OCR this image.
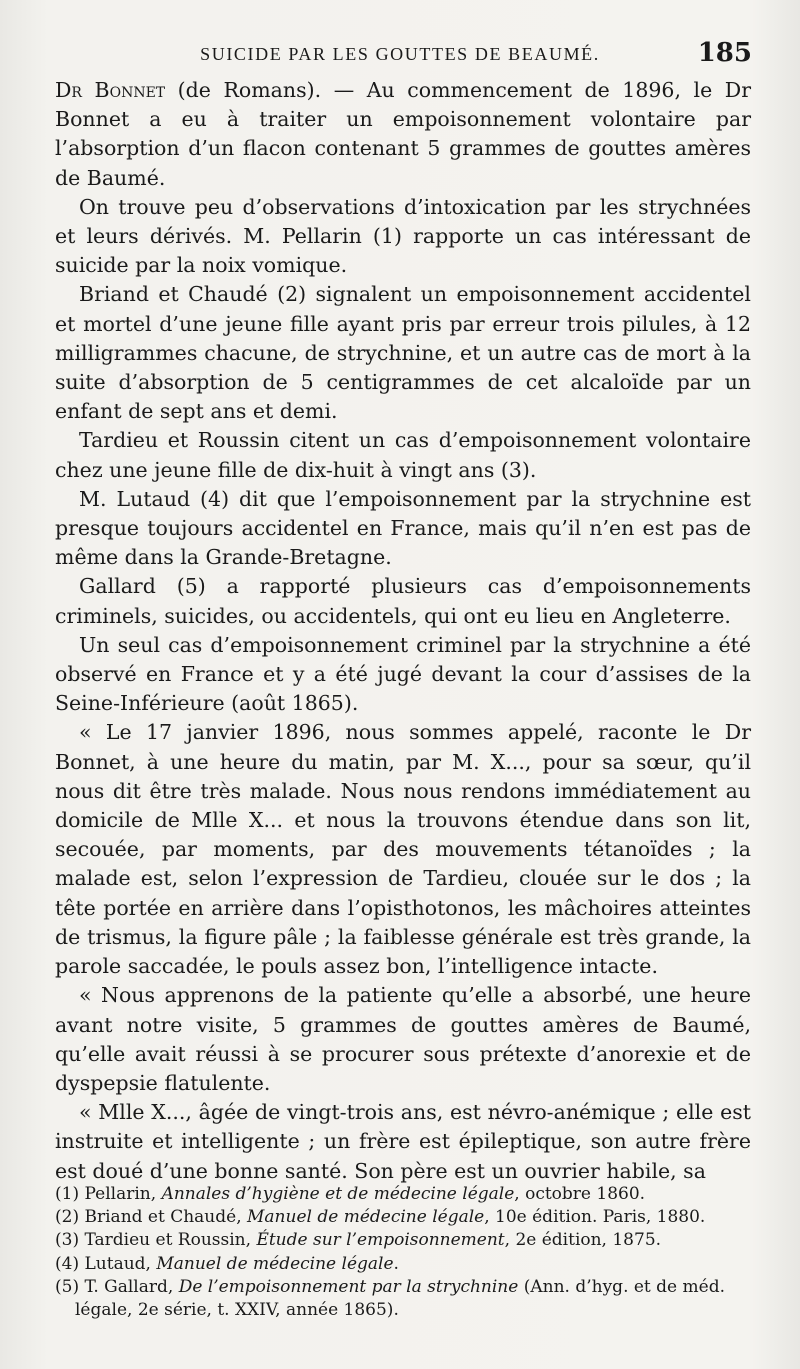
SUICIDE PAR LES GOUTTES DE BEAUMÉ.	185

Dr Bonnet (de Romans). — Au commencement de 1896, le Dr Bonnet a eu à traiter un empoisonnement volontaire par l’absorption d’un flacon contenant 5 grammes de gouttes amères de Baumé.

On trouve peu d’observations d’intoxication par les strychnées et leurs dérivés. M. Pellarin (1) rapporte un cas intéressant de suicide par la noix vomique.

Briand et Chaudé (2) signalent un empoisonnement accidentel et mortel d’une jeune fille ayant pris par erreur trois pilules, à 12 milligrammes chacune, de strychnine, et un autre cas de mort à la suite d’absorption de 5 centigrammes de cet alcaloïde par un enfant de sept ans et demi.

Tardieu et Roussin citent un cas d’empoisonnement volontaire chez une jeune fille de dix-huit à vingt ans (3).

M. Lutaud (4) dit que l’empoisonnement par la strychnine est presque toujours accidentel en France, mais qu’il n’en est pas de même dans la Grande-Bretagne.

Gallard (5) a rapporté plusieurs cas d’empoisonnements criminels, suicides, ou accidentels, qui ont eu lieu en Angleterre.

Un seul cas d’empoisonnement criminel par la strychnine a été observé en France et y a été jugé devant la cour d’assises de la Seine-Inférieure (août 1865).

« Le 17 janvier 1896, nous sommes appelé, raconte le Dr Bonnet, à une heure du matin, par M. X..., pour sa sœur, qu’il nous dit être très malade. Nous nous rendons immédiatement au domicile de Mlle X... et nous la trouvons étendue dans son lit, secouée, par moments, par des mouvements tétanoïdes ; la malade est, selon l’expression de Tardieu, clouée sur le dos ; la tête portée en arrière dans l’opisthotonos, les mâchoires atteintes de trismus, la figure pâle ; la faiblesse générale est très grande, la parole saccadée, le pouls assez bon, l’intelligence intacte.

« Nous apprenons de la patiente qu’elle a absorbé, une heure avant notre visite, 5 grammes de gouttes amères de Baumé, qu’elle avait réussi à se procurer sous prétexte d’anorexie et de dyspepsie flatulente.

« Mlle X..., âgée de vingt-trois ans, est névro-anémique ; elle est instruite et intelligente ; un frère est épileptique, son autre frère est doué d’une bonne santé. Son père est un ouvrier habile, sa

(1) Pellarin, Annales d’hygiène et de médecine légale, octobre 1860.

(2) Briand et Chaudé, Manuel de médecine légale, 10e édition. Paris, 1880.

(3) Tardieu et Roussin, Étude sur l’empoisonnement, 2e édition, 1875.

(4) Lutaud, Manuel de médecine légale.

(5) T. Gallard, De l’empoisonnement par la strychnine (Ann. d’hyg. et de méd. légale, 2e série, t. XXIV, année 1865).
